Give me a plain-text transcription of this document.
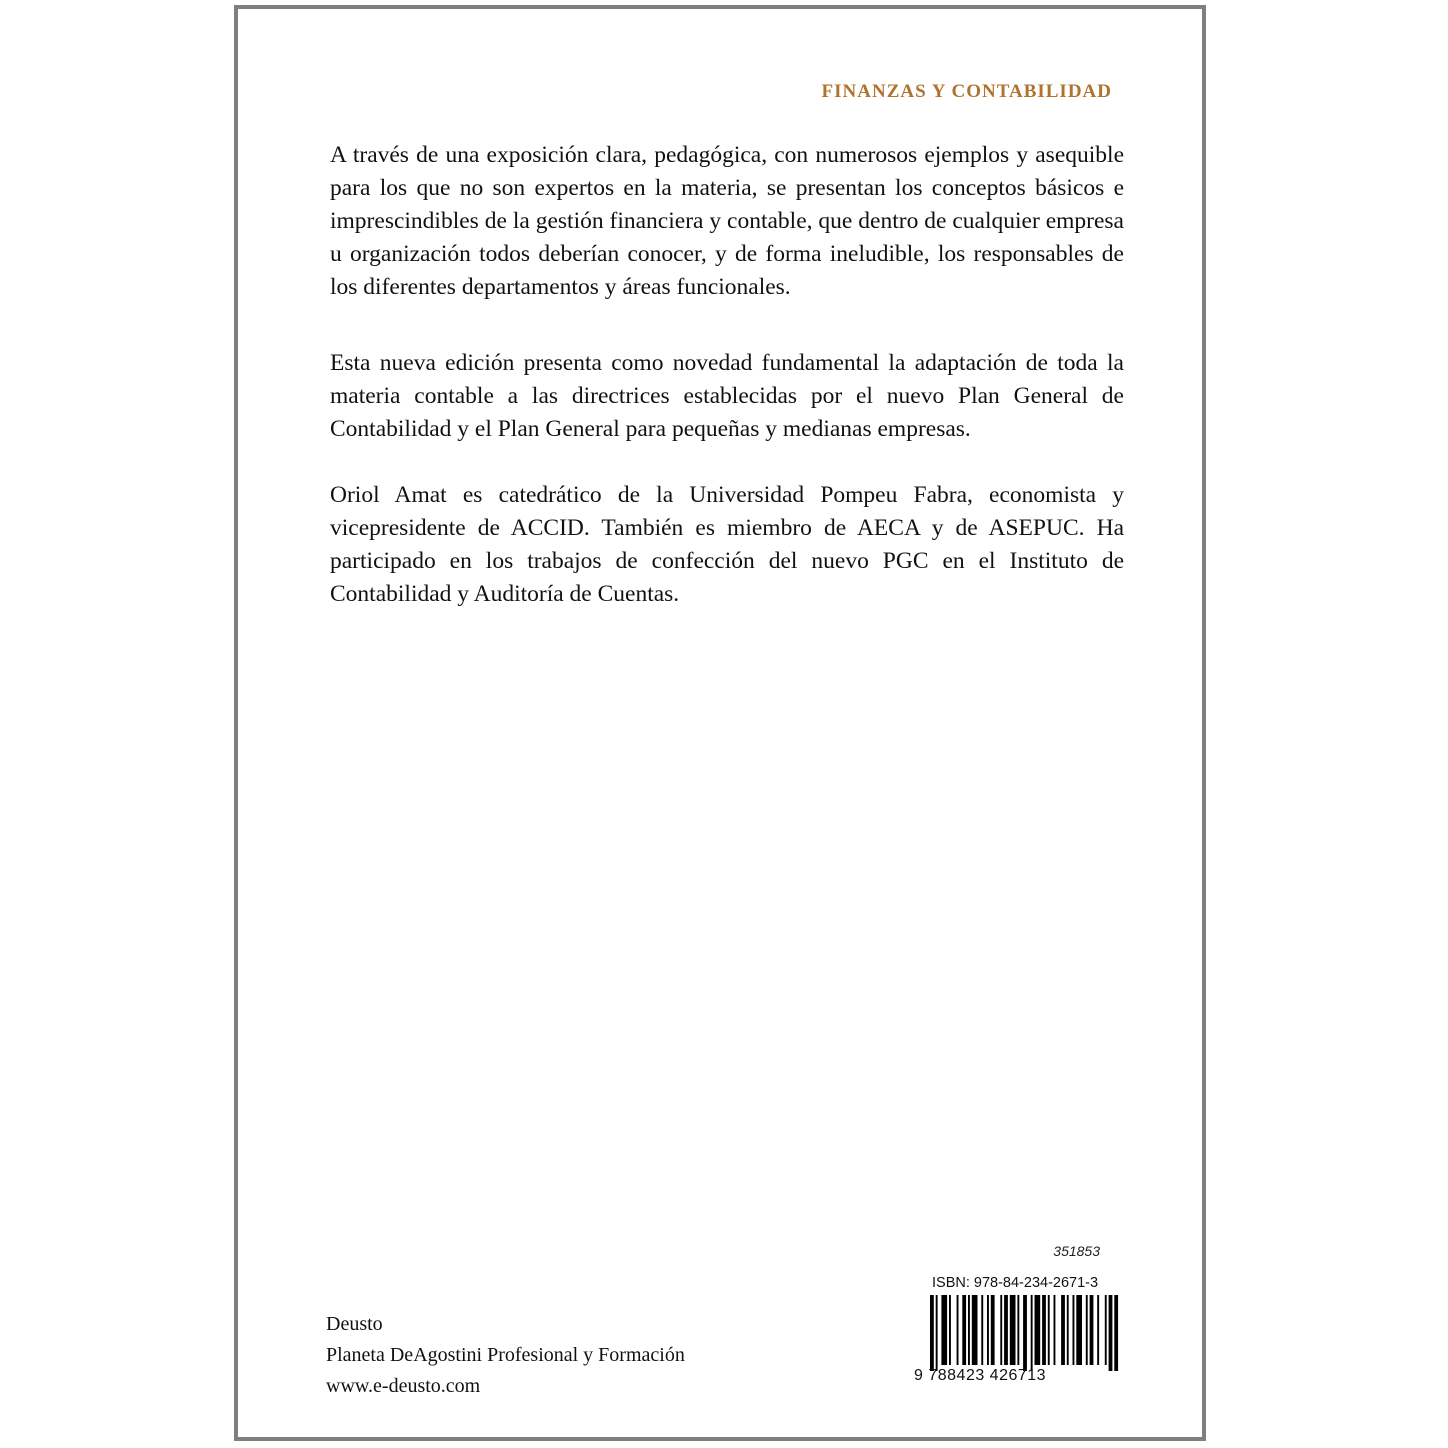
FINANZAS Y CONTABILIDAD

A través de una exposición clara, pedagógica, con numerosos ejemplos y asequible para los que no son expertos en la materia, se presentan los conceptos básicos e imprescindibles de la gestión financiera y contable, que dentro de cualquier empresa u organización todos deberían conocer, y de forma ineludible, los responsables de los diferentes departamentos y áreas funcionales.

Esta nueva edición presenta como novedad fundamental la adaptación de toda la materia contable a las directrices establecidas por el nuevo Plan General de Contabilidad y el Plan General para pequeñas y medianas empresas.

Oriol Amat es catedrático de la Universidad Pompeu Fabra, economista y vicepresidente de ACCID. También es miembro de AECA y de ASEPUC. Ha participado en los trabajos de confección del nuevo PGC en el Instituto de Contabilidad y Auditoría de Cuentas.

Deusto
Planeta DeAgostini Profesional y Formación
www.e-deusto.com
351853
ISBN: 978-84-234-2671-3
9 788423 426713
